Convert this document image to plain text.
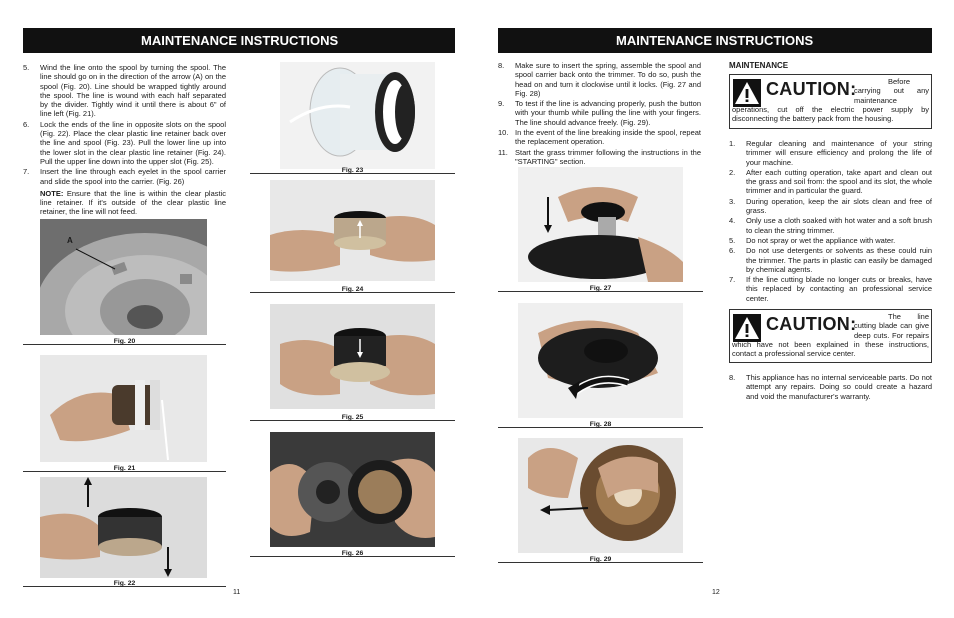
MAINTENANCE INSTRUCTIONS
5.	Wind the line onto the spool by turning the spool. The line should go on in the direction of the arrow (A) on the spool (Fig. 20). Line should be wrapped tightly around the spool. The line is wound with each half separated by the divider. Tightly wind it until there is about 6" of line left (Fig. 21).
6.	Lock the ends of the line in opposite slots on the spool (Fig. 22). Place the clear plastic line retainer back over the line and spool (Fig. 23). Pull the lower line up into the lower slot in the clear plastic line retainer (Fig. 24). Pull the upper line down into the upper slot (Fig. 25).
7.	Insert the line through each eyelet in the spool carrier and slide the spool into the carrier. (Fig. 26)
NOTE: Ensure that the line is within the clear plastic line retainer. If it's outside of the clear plastic line retainer, the line will not feed.
A
Fig. 20
Fig. 21
Fig. 22
Fig. 23
Fig. 24
Fig. 25
Fig. 26
11
MAINTENANCE INSTRUCTIONS
8.	Make sure to insert the spring, assemble the spool and spool carrier back onto the trimmer. To do so, push the head on and turn it clockwise until it locks. (Fig. 27 and Fig. 28)
9.	To test if the line is advancing properly, push the button with your thumb while pulling the line with your fingers. The line should advance freely. (Fig. 29).
10. In the event of the line breaking inside the spool, repeat the replacement operation.
11. Start the grass trimmer following the instructions in the "STARTING" section.
Fig. 27
Fig. 28
Fig. 29
12
MAINTENANCE
CAUTION:	Before carrying out any maintenance operations, cut off the electric power supply by disconnecting the battery pack from the housing.
1.	Regular cleaning and maintenance of your string trimmer will ensure efficiency and prolong the life of your machine.
2.	After each cutting operation, take apart and clean out the grass and soil from: the spool and its slot, the whole trimmer and in particular the guard.
3.	During operation, keep the air slots clean and free of grass.
4.	Only use a cloth soaked with hot water and a soft brush to clean the string trimmer.
5.	Do not spray or wet the appliance with water.
6.	Do not use detergents or solvents as these could ruin the trimmer. The parts in plastic can easily be damaged by chemical agents.
7.	If the line cutting blade no longer cuts or breaks, have this replaced by contacting an professional service center.
CAUTION:	The line cutting blade can give deep cuts. For repairs which have not been explained in these instructions, contact a professional service center.
8.	This appliance has no internal serviceable parts. Do not attempt any repairs. Doing so could create a hazard and void the manufacturer's warranty.
